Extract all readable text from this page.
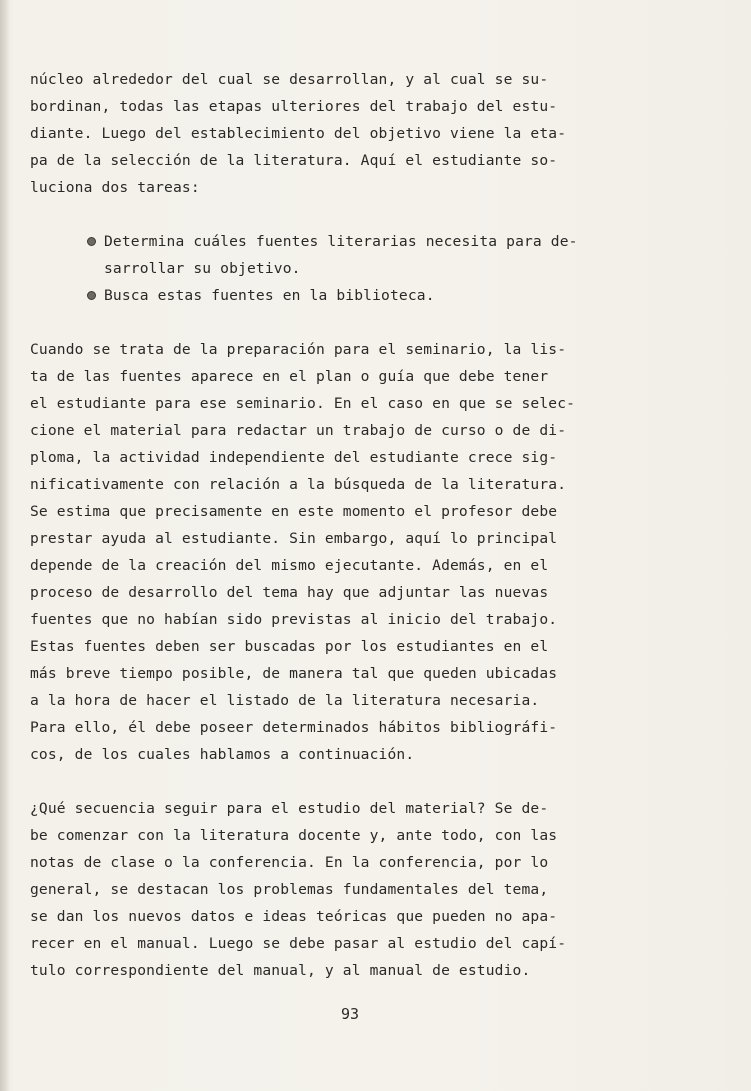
núcleo alrededor del cual se desarrollan, y al cual se su-
bordinan, todas las etapas ulteriores del trabajo del estu-
diante. Luego del establecimiento del objetivo viene la eta-
pa de la selección de la literatura. Aquí el estudiante so-
luciona dos tareas:
Determina cuáles fuentes literarias necesita para de-
sarrollar su objetivo.
Busca estas fuentes en la biblioteca.
Cuando se trata de la preparación para el seminario, la lis-
ta de las fuentes aparece en el plan o guía que debe tener
el estudiante para ese seminario. En el caso en que se selec-
cione el material para redactar un trabajo de curso o de di-
ploma, la actividad independiente del estudiante crece sig-
nificativamente con relación a la búsqueda de la literatura.
Se estima que precisamente en este momento el profesor debe
prestar ayuda al estudiante. Sin embargo, aquí lo principal
depende de la creación del mismo ejecutante. Además, en el
proceso de desarrollo del tema hay que adjuntar las nuevas
fuentes que no habían sido previstas al inicio del trabajo.
Estas fuentes deben ser buscadas por los estudiantes en el
más breve tiempo posible, de manera tal que queden ubicadas
a la hora de hacer el listado de la literatura necesaria.
Para ello, él debe poseer determinados hábitos bibliográfi-
cos, de los cuales hablamos a continuación.
¿Qué secuencia seguir para el estudio del material? Se de-
be comenzar con la literatura docente y, ante todo, con las
notas de clase o la conferencia. En la conferencia, por lo
general, se destacan los problemas fundamentales del tema,
se dan los nuevos datos e ideas teóricas que pueden no apa-
recer en el manual. Luego se debe pasar al estudio del capí-
tulo correspondiente del manual, y al manual de estudio.
93
